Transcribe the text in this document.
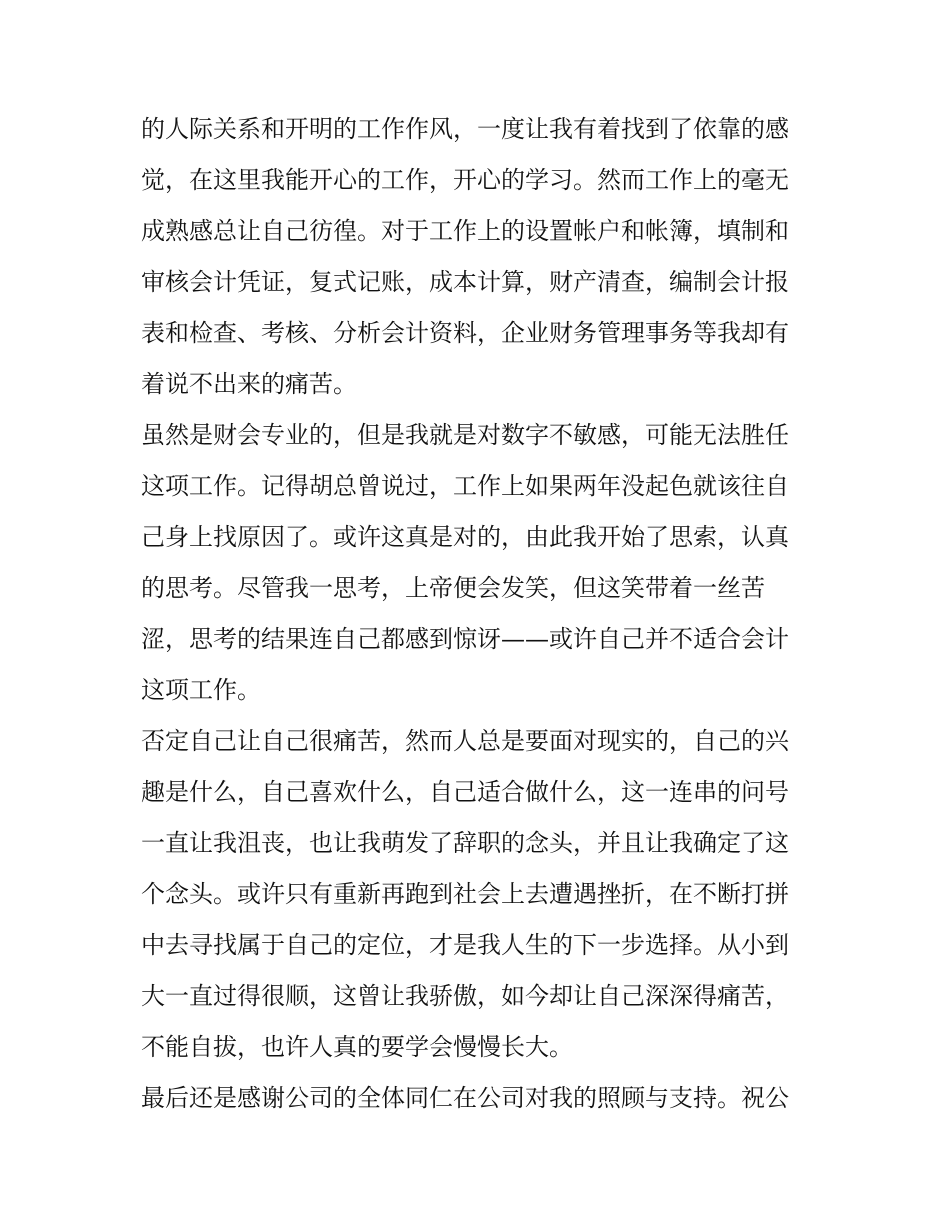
的人际关系和开明的工作作风，一度让我有着找到了依靠的感
觉，在这里我能开心的工作，开心的学习。然而工作上的毫无
成熟感总让自己彷徨。对于工作上的设置帐户和帐簿，填制和
审核会计凭证，复式记账，成本计算，财产清查，编制会计报
表和检查、考核、分析会计资料，企业财务管理事务等我却有
着说不出来的痛苦。
虽然是财会专业的，但是我就是对数字不敏感，可能无法胜任
这项工作。记得胡总曾说过，工作上如果两年没起色就该往自
己身上找原因了。或许这真是对的，由此我开始了思索，认真
的思考。尽管我一思考，上帝便会发笑，但这笑带着一丝苦
涩，思考的结果连自己都感到惊讶——或许自己并不适合会计
这项工作。
否定自己让自己很痛苦，然而人总是要面对现实的，自己的兴
趣是什么，自己喜欢什么，自己适合做什么，这一连串的问号
一直让我沮丧，也让我萌发了辞职的念头，并且让我确定了这
个念头。或许只有重新再跑到社会上去遭遇挫折，在不断打拼
中去寻找属于自己的定位，才是我人生的下一步选择。从小到
大一直过得很顺，这曾让我骄傲，如今却让自己深深得痛苦，
不能自拔，也许人真的要学会慢慢长大。
最后还是感谢公司的全体同仁在公司对我的照顾与支持。祝公
